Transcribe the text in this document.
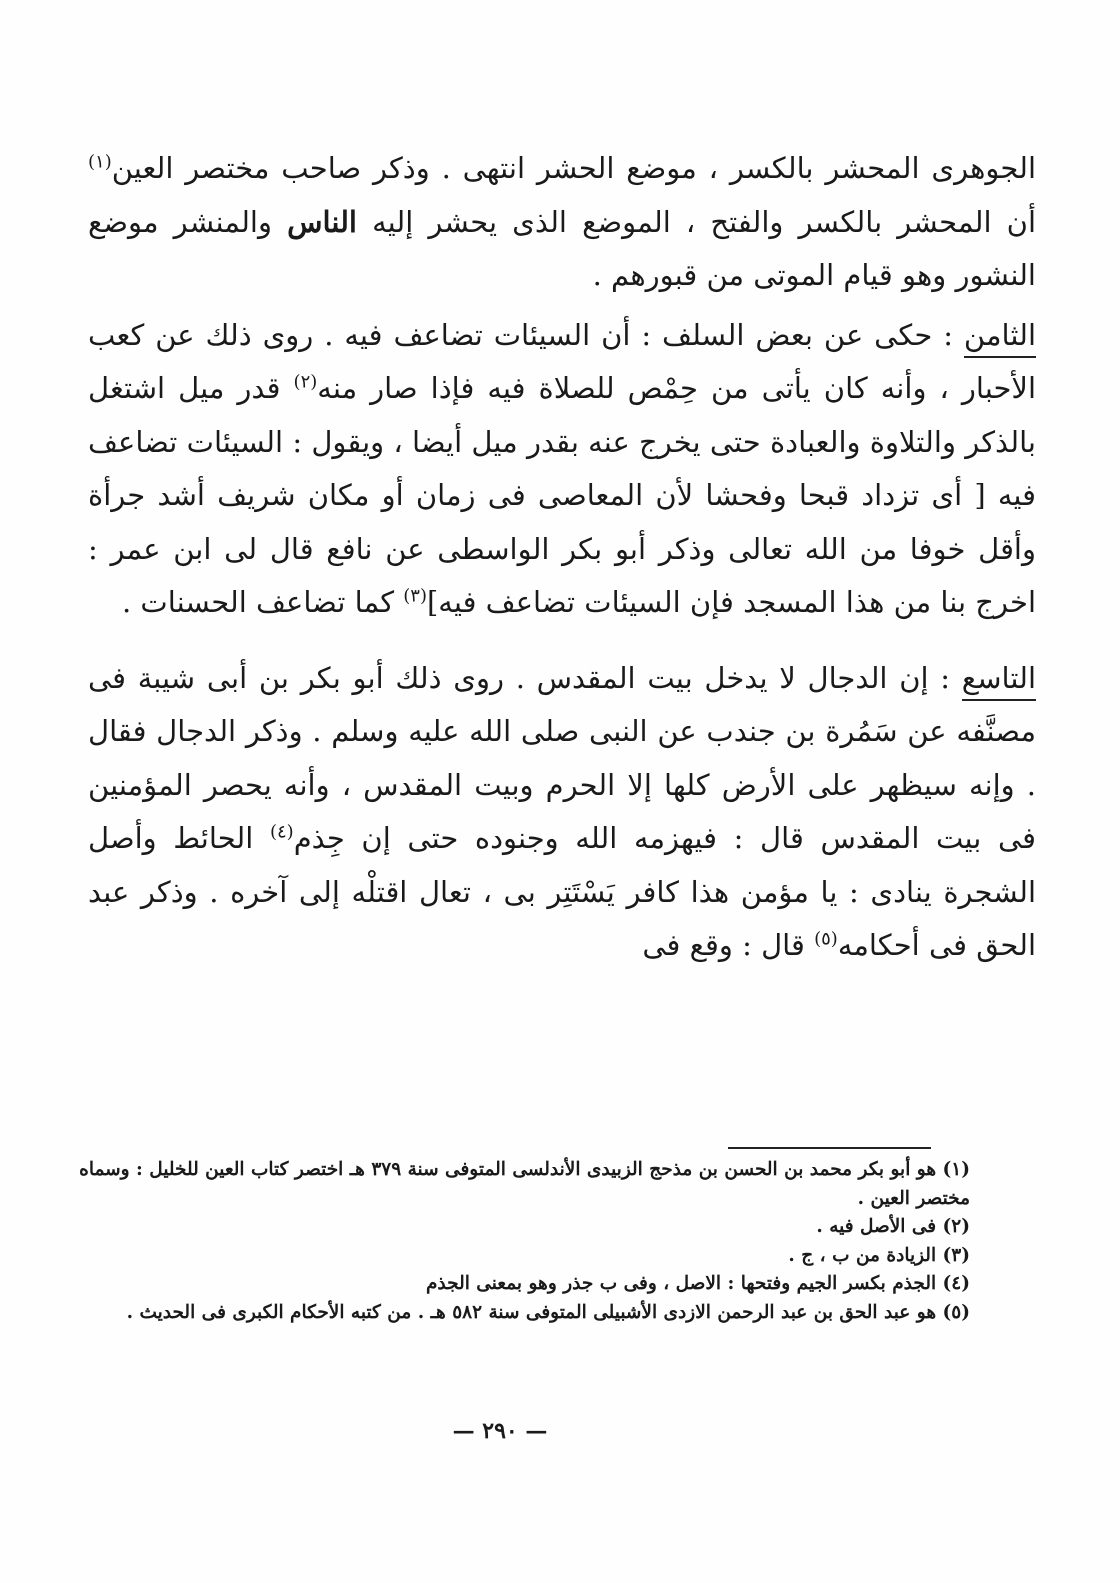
الجوهرى المحشر بالكسر ، موضع الحشر انتهى . وذكر صاحب مختصر العين$^{(١)}$ أن المحشر بالكسر والفتح ، الموضع الذى يحشر إليه الناس والمنشر موضع النشور وهو قيام الموتى من قبورهم .

الثامن : حكى عن بعض السلف : أن السيئات تضاعف فيه . روى ذلك عن كعب الأحبار ، وأنه كان يأتى من حِمْص للصلاة فيه فإذا صار منه$^{(٢)}$ قدر ميل اشتغل بالذكر والتلاوة والعبادة حتى يخرج عنه بقدر ميل أيضا ، ويقول : السيئات تضاعف فيه [ أى تزداد قبحا وفحشا لأن المعاصى فى زمان أو مكان شريف أشد جرأة وأقل خوفا من الله تعالى وذكر أبو بكر الواسطى عن نافع قال لى ابن عمر : اخرج بنا من هذا المسجد فإن السيئات تضاعف فيه]$^{(٣)}$ كما تضاعف الحسنات .

التاسع : إن الدجال لا يدخل بيت المقدس . روى ذلك أبو بكر بن أبى شيبة فى مصنَّفه عن سَمُرة بن جندب عن النبى صلى الله عليه وسلم . وذكر الدجال فقال . وإنه سيظهر على الأرض كلها إلا الحرم وبيت المقدس ، وأنه يحصر المؤمنين فى بيت المقدس قال : فيهزمه الله وجنوده حتى إن جِذم$^{(٤)}$ الحائط وأصل الشجرة ينادى : يا مؤمن هذا كافر يَسْتَتِر بى ، تعال اقتلْه إلى آخره . وذكر عبد الحق فى أحكامه$^{(٥)}$ قال : وقع فى

(١) هو أبو بكر محمد بن الحسن بن مذحج الزبيدى الأندلسى المتوفى سنة ٣٧٩ هـ اختصر كتاب العين للخليل : وسماه مختصر العين .

(٢) فى الأصل فيه .

(٣) الزيادة من ب ، ج .

(٤) الجذم بكسر الجيم وفتحها : الاصل ، وفى ب جذر وهو بمعنى الجذم

(٥) هو عبد الحق بن عبد الرحمن الازدى الأشبيلى المتوفى سنة ٥٨٢ هـ . من كتبه الأحكام الكبرى فى الحديث .

— ٢٩٠ —
